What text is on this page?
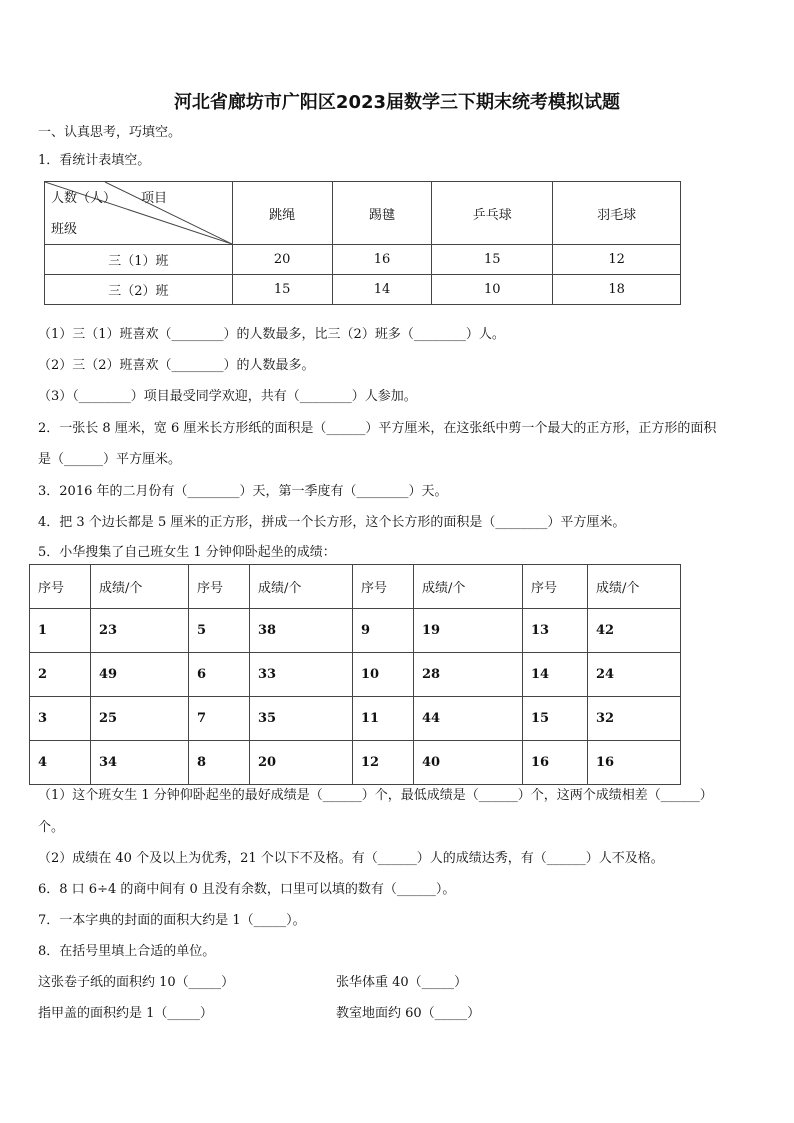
河北省廊坊市广阳区2023届数学三下期末统考模拟试题
一、认真思考，巧填空。
1．看统计表填空。
人数（人） 项目
班级	跳绳	踢毽	乒乓球	羽毛球
三（1）班	20	16	15	12
三（2）班	15	14	10	18
（1）三（1）班喜欢（________）的人数最多，比三（2）班多（________）人。
（2）三（2）班喜欢（________）的人数最多。
（3）（________）项目最受同学欢迎，共有（________）人参加。
2．一张长 8 厘米，宽 6 厘米长方形纸的面积是（______）平方厘米，在这张纸中剪一个最大的正方形，正方形的面积
是（______）平方厘米。
3．2016 年的二月份有（________）天，第一季度有（________）天。
4．把 3 个边长都是 5 厘米的正方形，拼成一个长方形，这个长方形的面积是（________）平方厘米。
5．小华搜集了自己班女生 1 分钟仰卧起坐的成绩：
序号	成绩/个	序号	成绩/个	序号	成绩/个	序号	成绩/个
1	23	5	38	9	19	13	42
2	49	6	33	10	28	14	24
3	25	7	35	11	44	15	32
4	34	8	20	12	40	16	16
（1）这个班女生 1 分钟仰卧起坐的最好成绩是（______）个，最低成绩是（______）个，这两个成绩相差（______）
个。
（2）成绩在 40 个及以上为优秀，21 个以下不及格。有（______）人的成绩达秀，有（______）人不及格。
6．8 口 6÷4 的商中间有 0 且没有余数，口里可以填的数有（______）。
7．一本字典的封面的面积大约是 1（_____）。
8．在括号里填上合适的单位。
这张卷子纸的面积约 10（_____）	张华体重 40（_____）
指甲盖的面积约是 1（_____）	教室地面约 60（_____）
